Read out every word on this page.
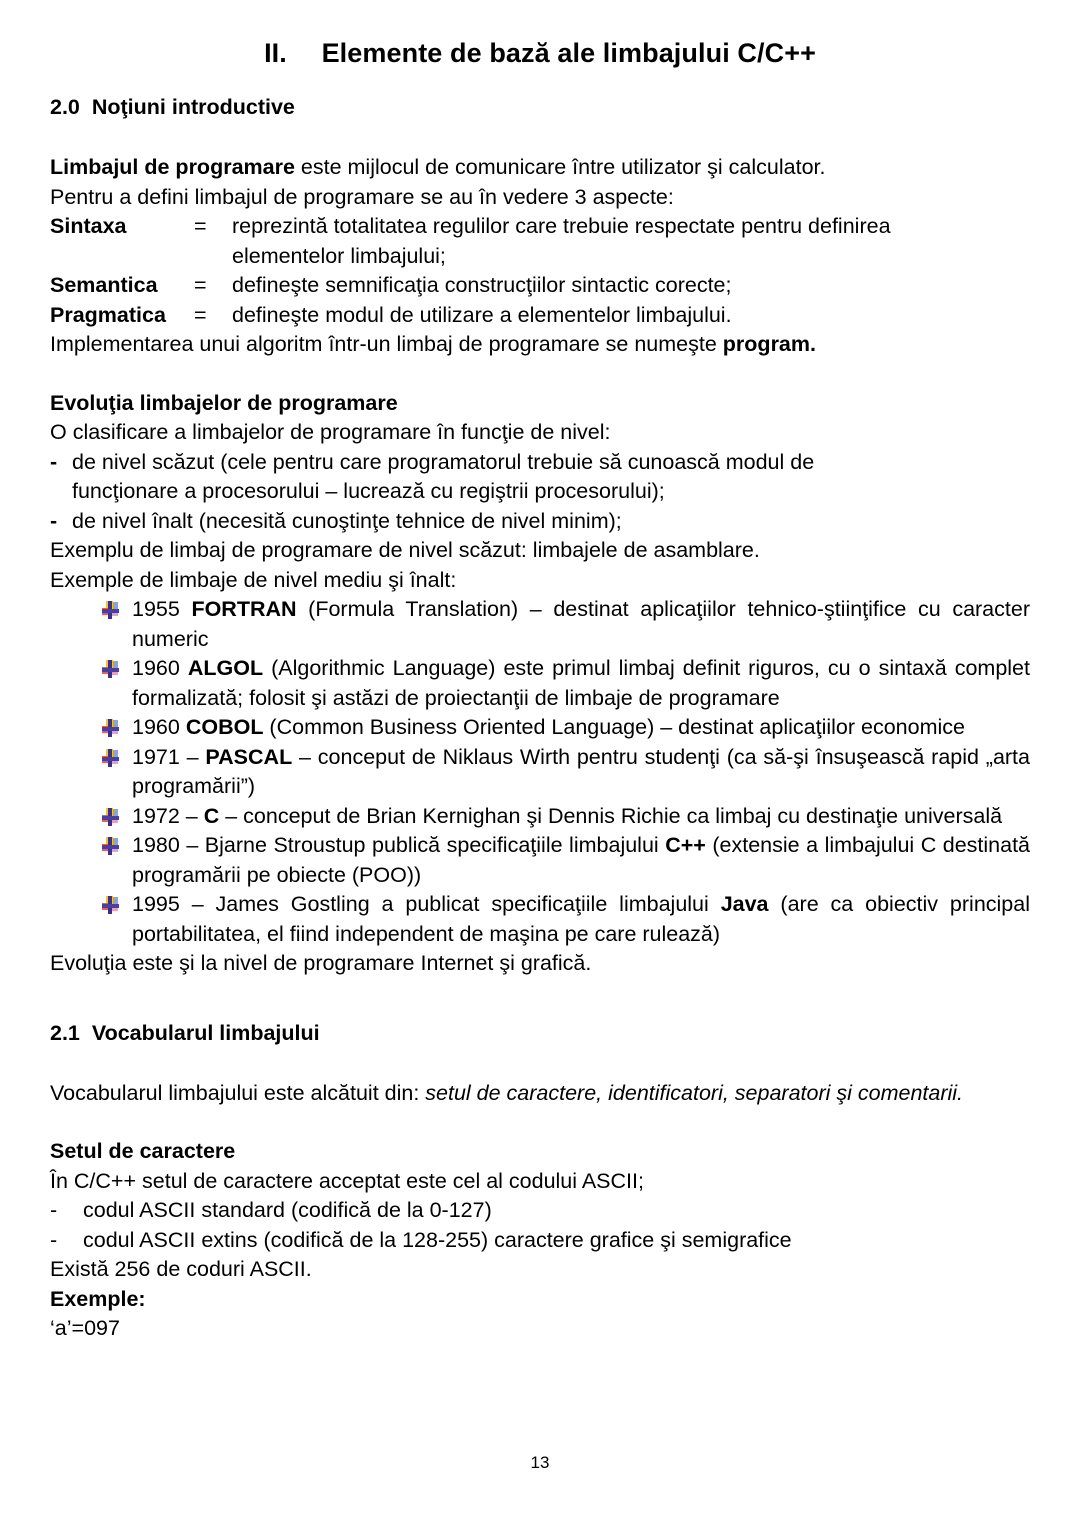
II.  Elemente de bază ale limbajului C/C++
2.0  Noţiuni introductive

Limbajul de programare este mijlocul de comunicare între utilizator şi calculator.

Pentru a defini limbajul de programare se au în vedere 3 aspecte:

Sintaxa	= reprezintă totalitatea regulilor care trebuie respectate pentru definirea
elementelor limbajului;
Semantica = defineşte semnificaţia construcţiilor sintactic corecte;
Pragmatica = defineşte modul de utilizare a elementelor limbajului.

Implementarea unui algoritm într-un limbaj de programare se numeşte program.

Evoluţia limbajelor de programare

O clasificare a limbajelor de programare în funcţie de nivel:

- de nivel scăzut (cele pentru care programatorul trebuie să cunoască modul de
funcţionare a procesorului – lucrează cu regiştrii procesorului);
- de nivel înalt (necesită cunoştinţe tehnice de nivel minim);

Exemplu de limbaj de programare de nivel scăzut: limbajele de asamblare.

Exemple de limbaje de nivel mediu şi înalt:

1955 FORTRAN (Formula Translation) – destinat aplicaţiilor tehnico-ştiinţifice cu caracter numeric
1960 ALGOL (Algorithmic Language) este primul limbaj definit riguros, cu o sintaxă complet formalizată; folosit şi astăzi de proiectanţii de limbaje de programare
1960 COBOL (Common Business Oriented Language) – destinat aplicaţiilor economice
1971 – PASCAL – conceput de Niklaus Wirth pentru studenţi (ca să-şi însuşească rapid „arta programării”)
1972 – C – conceput de Brian Kernighan şi Dennis Richie ca limbaj cu destinaţie universală
1980 – Bjarne Stroustup publică specificaţiile limbajului C++ (extensie a limbajului C destinată programării pe obiecte (POO))
1995 – James Gostling a publicat specificaţiile limbajului Java (are ca obiectiv principal portabilitatea, el fiind independent de maşina pe care rulează)

Evoluţia este şi la nivel de programare Internet şi grafică.

2.1  Vocabularul limbajului

Vocabularul limbajului este alcătuit din: setul de caractere, identificatori, separatori şi comentarii.

Setul de caractere

În C/C++ setul de caractere acceptat este cel al codului ASCII;

- codul ASCII standard (codifică de la 0-127)
- codul ASCII extins (codifică de la 128-255) caractere grafice şi semigrafice

Există 256 de coduri ASCII.

Exemple:

‘a’=097

13
